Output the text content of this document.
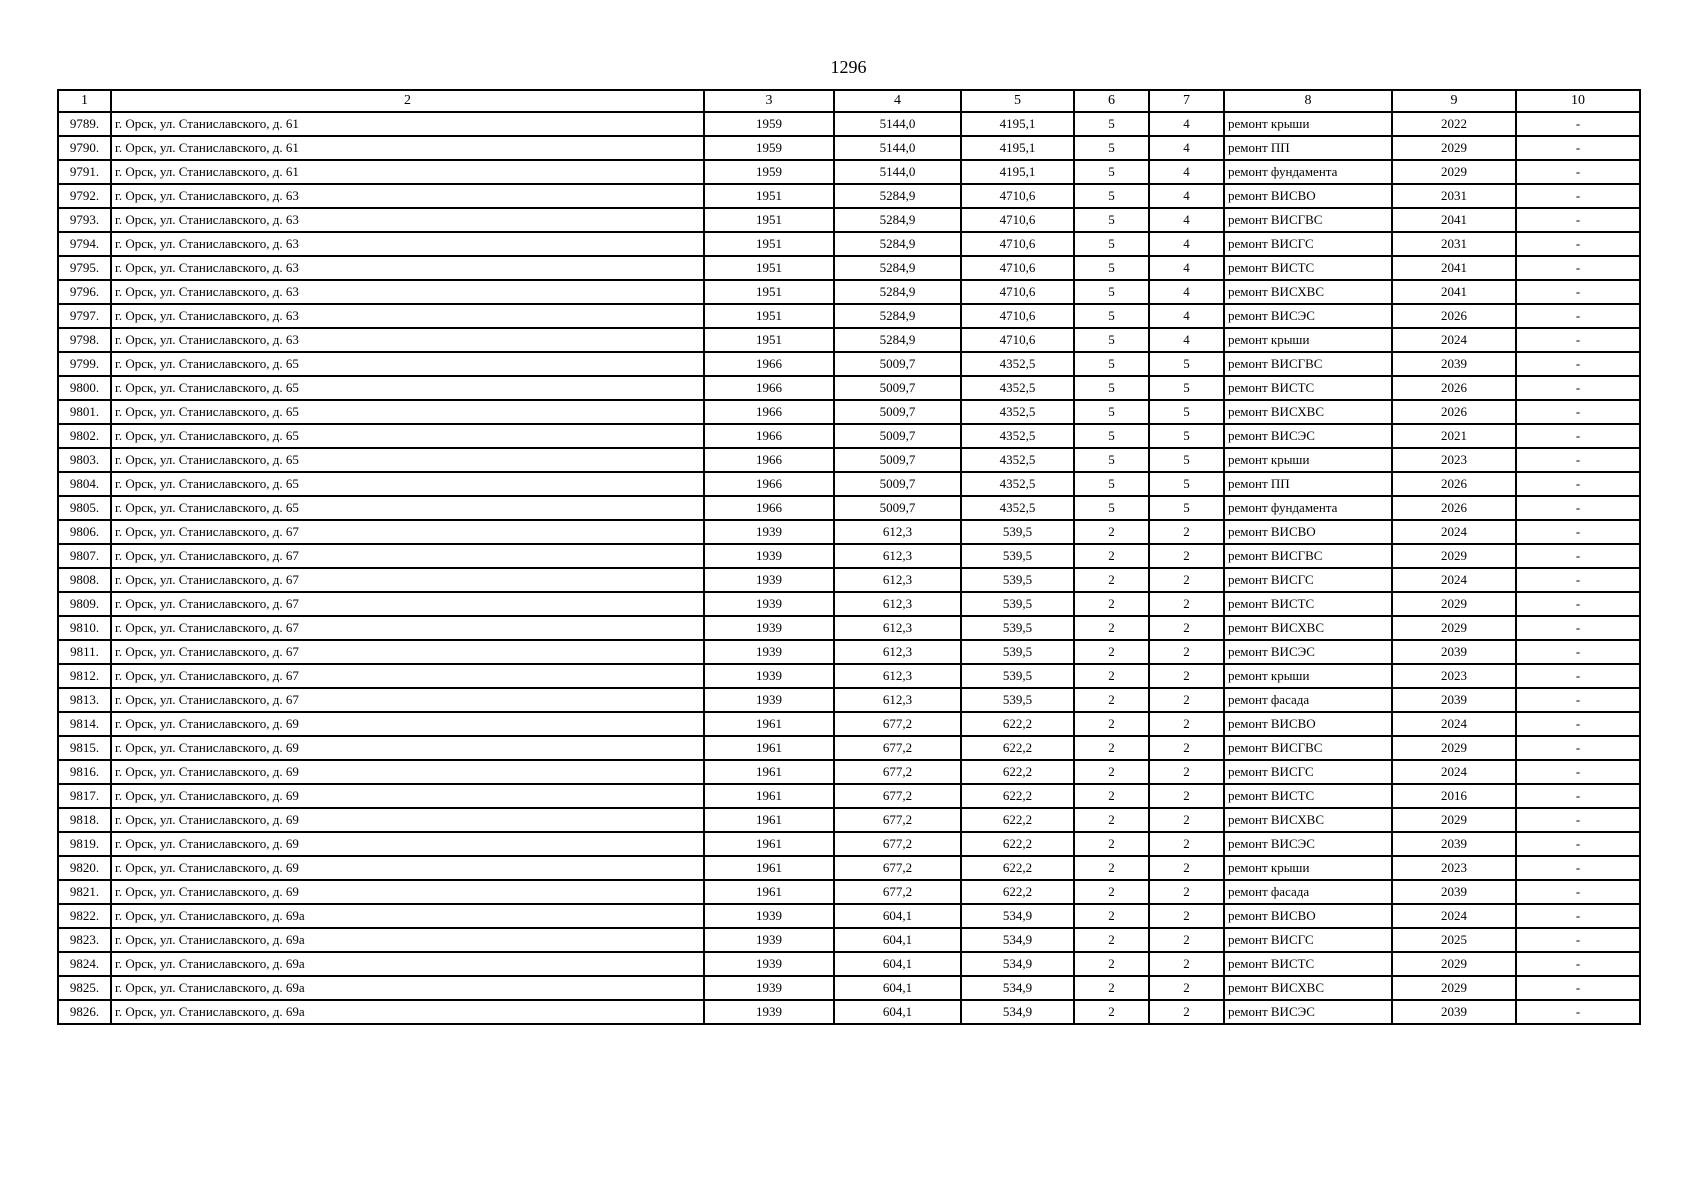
1296
1	2	3	4	5	6	7	8	9	10
9789.	г. Орск, ул. Станиславского, д. 61	1959	5144,0	4195,1	5	4	ремонт крыши	2022	-
9790.	г. Орск, ул. Станиславского, д. 61	1959	5144,0	4195,1	5	4	ремонт ПП	2029	-
9791.	г. Орск, ул. Станиславского, д. 61	1959	5144,0	4195,1	5	4	ремонт фундамента	2029	-
9792.	г. Орск, ул. Станиславского, д. 63	1951	5284,9	4710,6	5	4	ремонт ВИСВО	2031	-
9793.	г. Орск, ул. Станиславского, д. 63	1951	5284,9	4710,6	5	4	ремонт ВИСГВС	2041	-
9794.	г. Орск, ул. Станиславского, д. 63	1951	5284,9	4710,6	5	4	ремонт ВИСГС	2031	-
9795.	г. Орск, ул. Станиславского, д. 63	1951	5284,9	4710,6	5	4	ремонт ВИСТС	2041	-
9796.	г. Орск, ул. Станиславского, д. 63	1951	5284,9	4710,6	5	4	ремонт ВИСХВС	2041	-
9797.	г. Орск, ул. Станиславского, д. 63	1951	5284,9	4710,6	5	4	ремонт ВИСЭС	2026	-
9798.	г. Орск, ул. Станиславского, д. 63	1951	5284,9	4710,6	5	4	ремонт крыши	2024	-
9799.	г. Орск, ул. Станиславского, д. 65	1966	5009,7	4352,5	5	5	ремонт ВИСГВС	2039	-
9800.	г. Орск, ул. Станиславского, д. 65	1966	5009,7	4352,5	5	5	ремонт ВИСТС	2026	-
9801.	г. Орск, ул. Станиславского, д. 65	1966	5009,7	4352,5	5	5	ремонт ВИСХВС	2026	-
9802.	г. Орск, ул. Станиславского, д. 65	1966	5009,7	4352,5	5	5	ремонт ВИСЭС	2021	-
9803.	г. Орск, ул. Станиславского, д. 65	1966	5009,7	4352,5	5	5	ремонт крыши	2023	-
9804.	г. Орск, ул. Станиславского, д. 65	1966	5009,7	4352,5	5	5	ремонт ПП	2026	-
9805.	г. Орск, ул. Станиславского, д. 65	1966	5009,7	4352,5	5	5	ремонт фундамента	2026	-
9806.	г. Орск, ул. Станиславского, д. 67	1939	612,3	539,5	2	2	ремонт ВИСВО	2024	-
9807.	г. Орск, ул. Станиславского, д. 67	1939	612,3	539,5	2	2	ремонт ВИСГВС	2029	-
9808.	г. Орск, ул. Станиславского, д. 67	1939	612,3	539,5	2	2	ремонт ВИСГС	2024	-
9809.	г. Орск, ул. Станиславского, д. 67	1939	612,3	539,5	2	2	ремонт ВИСТС	2029	-
9810.	г. Орск, ул. Станиславского, д. 67	1939	612,3	539,5	2	2	ремонт ВИСХВС	2029	-
9811.	г. Орск, ул. Станиславского, д. 67	1939	612,3	539,5	2	2	ремонт ВИСЭС	2039	-
9812.	г. Орск, ул. Станиславского, д. 67	1939	612,3	539,5	2	2	ремонт крыши	2023	-
9813.	г. Орск, ул. Станиславского, д. 67	1939	612,3	539,5	2	2	ремонт фасада	2039	-
9814.	г. Орск, ул. Станиславского, д. 69	1961	677,2	622,2	2	2	ремонт ВИСВО	2024	-
9815.	г. Орск, ул. Станиславского, д. 69	1961	677,2	622,2	2	2	ремонт ВИСГВС	2029	-
9816.	г. Орск, ул. Станиславского, д. 69	1961	677,2	622,2	2	2	ремонт ВИСГС	2024	-
9817.	г. Орск, ул. Станиславского, д. 69	1961	677,2	622,2	2	2	ремонт ВИСТС	2016	-
9818.	г. Орск, ул. Станиславского, д. 69	1961	677,2	622,2	2	2	ремонт ВИСХВС	2029	-
9819.	г. Орск, ул. Станиславского, д. 69	1961	677,2	622,2	2	2	ремонт ВИСЭС	2039	-
9820.	г. Орск, ул. Станиславского, д. 69	1961	677,2	622,2	2	2	ремонт крыши	2023	-
9821.	г. Орск, ул. Станиславского, д. 69	1961	677,2	622,2	2	2	ремонт фасада	2039	-
9822.	г. Орск, ул. Станиславского, д. 69а	1939	604,1	534,9	2	2	ремонт ВИСВО	2024	-
9823.	г. Орск, ул. Станиславского, д. 69а	1939	604,1	534,9	2	2	ремонт ВИСГС	2025	-
9824.	г. Орск, ул. Станиславского, д. 69а	1939	604,1	534,9	2	2	ремонт ВИСТС	2029	-
9825.	г. Орск, ул. Станиславского, д. 69а	1939	604,1	534,9	2	2	ремонт ВИСХВС	2029	-
9826.	г. Орск, ул. Станиславского, д. 69а	1939	604,1	534,9	2	2	ремонт ВИСЭС	2039	-
